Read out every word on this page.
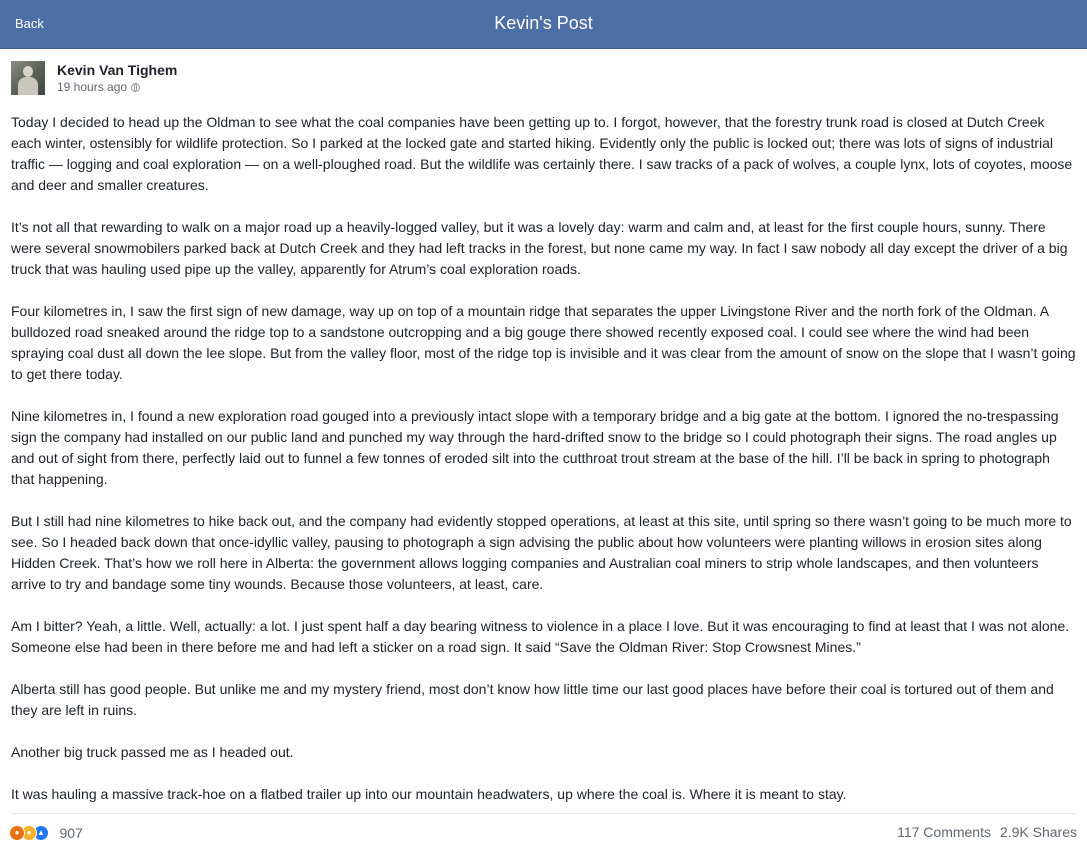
Back	Kevin's Post
Kevin Van Tighem
19 hours ago

Today I decided to head up the Oldman to see what the coal companies have been getting up to. I forgot, however, that the forestry trunk road is closed at Dutch Creek each winter, ostensibly for wildlife protection. So I parked at the locked gate and started hiking. Evidently only the public is locked out; there was lots of signs of industrial traffic — logging and coal exploration — on a well-ploughed road. But the wildlife was certainly there. I saw tracks of a pack of wolves, a couple lynx, lots of coyotes, moose and deer and smaller creatures.

It’s not all that rewarding to walk on a major road up a heavily-logged valley, but it was a lovely day: warm and calm and, at least for the first couple hours, sunny. There were several snowmobilers parked back at Dutch Creek and they had left tracks in the forest, but none came my way. In fact I saw nobody all day except the driver of a big truck that was hauling used pipe up the valley, apparently for Atrum’s coal exploration roads.

Four kilometres in, I saw the first sign of new damage, way up on top of a mountain ridge that separates the upper Livingstone River and the north fork of the Oldman. A bulldozed road sneaked around the ridge top to a sandstone outcropping and a big gouge there showed recently exposed coal. I could see where the wind had been spraying coal dust all down the lee slope. But from the valley floor, most of the ridge top is invisible and it was clear from the amount of snow on the slope that I wasn’t going to get there today.

Nine kilometres in, I found a new exploration road gouged into a previously intact slope with a temporary bridge and a big gate at the bottom. I ignored the no-trespassing sign the company had installed on our public land and punched my way through the hard-drifted snow to the bridge so I could photograph their signs. The road angles up and out of sight from there, perfectly laid out to funnel a few tonnes of eroded silt into the cutthroat trout stream at the base of the hill. I’ll be back in spring to photograph that happening.

But I still had nine kilometres to hike back out, and the company had evidently stopped operations, at least at this site, until spring so there wasn’t going to be much more to see. So I headed back down that once-idyllic valley, pausing to photograph a sign advising the public about how volunteers were planting willows in erosion sites along Hidden Creek. That’s how we roll here in Alberta: the government allows logging companies and Australian coal miners to strip whole landscapes, and then volunteers arrive to try and bandage some tiny wounds. Because those volunteers, at least, care.

Am I bitter? Yeah, a little. Well, actually: a lot. I just spent half a day bearing witness to violence in a place I love. But it was encouraging to find at least that I was not alone. Someone else had been in there before me and had left a sticker on a road sign. It said “Save the Oldman River: Stop Crowsnest Mines.”

Alberta still has good people. But unlike me and my mystery friend, most don’t know how little time our last good places have before their coal is tortured out of them and they are left in ruins.

Another big truck passed me as I headed out.

It was hauling a massive track-hoe on a flatbed trailer up into our mountain headwaters, up where the coal is. Where it is meant to stay.

● ● ▲ 907	117 Comments 2.9K Shares
